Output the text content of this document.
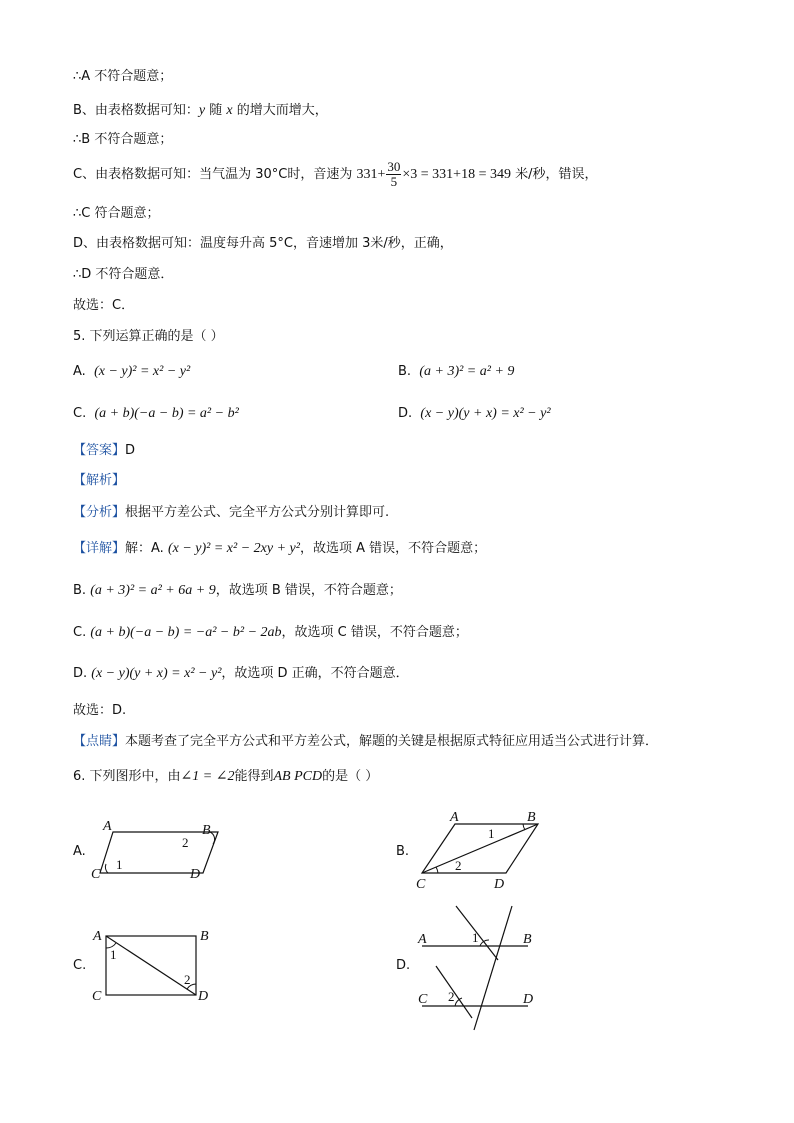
∴A 不符合题意；
B、由表格数据可知：y 随 x 的增大而增大，
∴B 不符合题意；
C、由表格数据可知：当气温为 30°C时，音速为 $331+ \frac{30}{5} \times 3 = 331+18 = 349$ 米/秒，错误，
∴C 符合题意；
D、由表格数据可知：温度每升高 5°C，音速增加 3米/秒，正确，
∴D 不符合题意．
故选：C．
5. 下列运算正确的是（ ）
A. (x − y)² = x² − y²	B. (a + 3)² = a² + 9
C. (a + b)(−a − b) = a² − b²	D. (x − y)(y + x) = x² − y²
【答案】D
【解析】
【分析】根据平方差公式、完全平方公式分别计算即可.
【详解】解：A. (x − y)² = x² − 2xy + y²，故选项 A 错误，不符合题意；
B. (a + 3)² = a² + 6a + 9，故选项 B 错误，不符合题意；
C. (a + b)(−a − b) = −a² − b² − 2ab，故选项 C 错误，不符合题意；
D. (x − y)(y + x) = x² − y²，故选项 D 正确，不符合题意．
故选：D.
【点睛】本题考查了完全平方公式和平方差公式，解题的关键是根据原式特征应用适当公式进行计算．
6. 下列图形中，由∠1 = ∠2能得到AB PCD的是（ ）
A.	B.
C.	D.
A	B
C	D
1
2
A	B
C	D
1
2
A	B
C	D
1
2
A	B
C	D
1
2
